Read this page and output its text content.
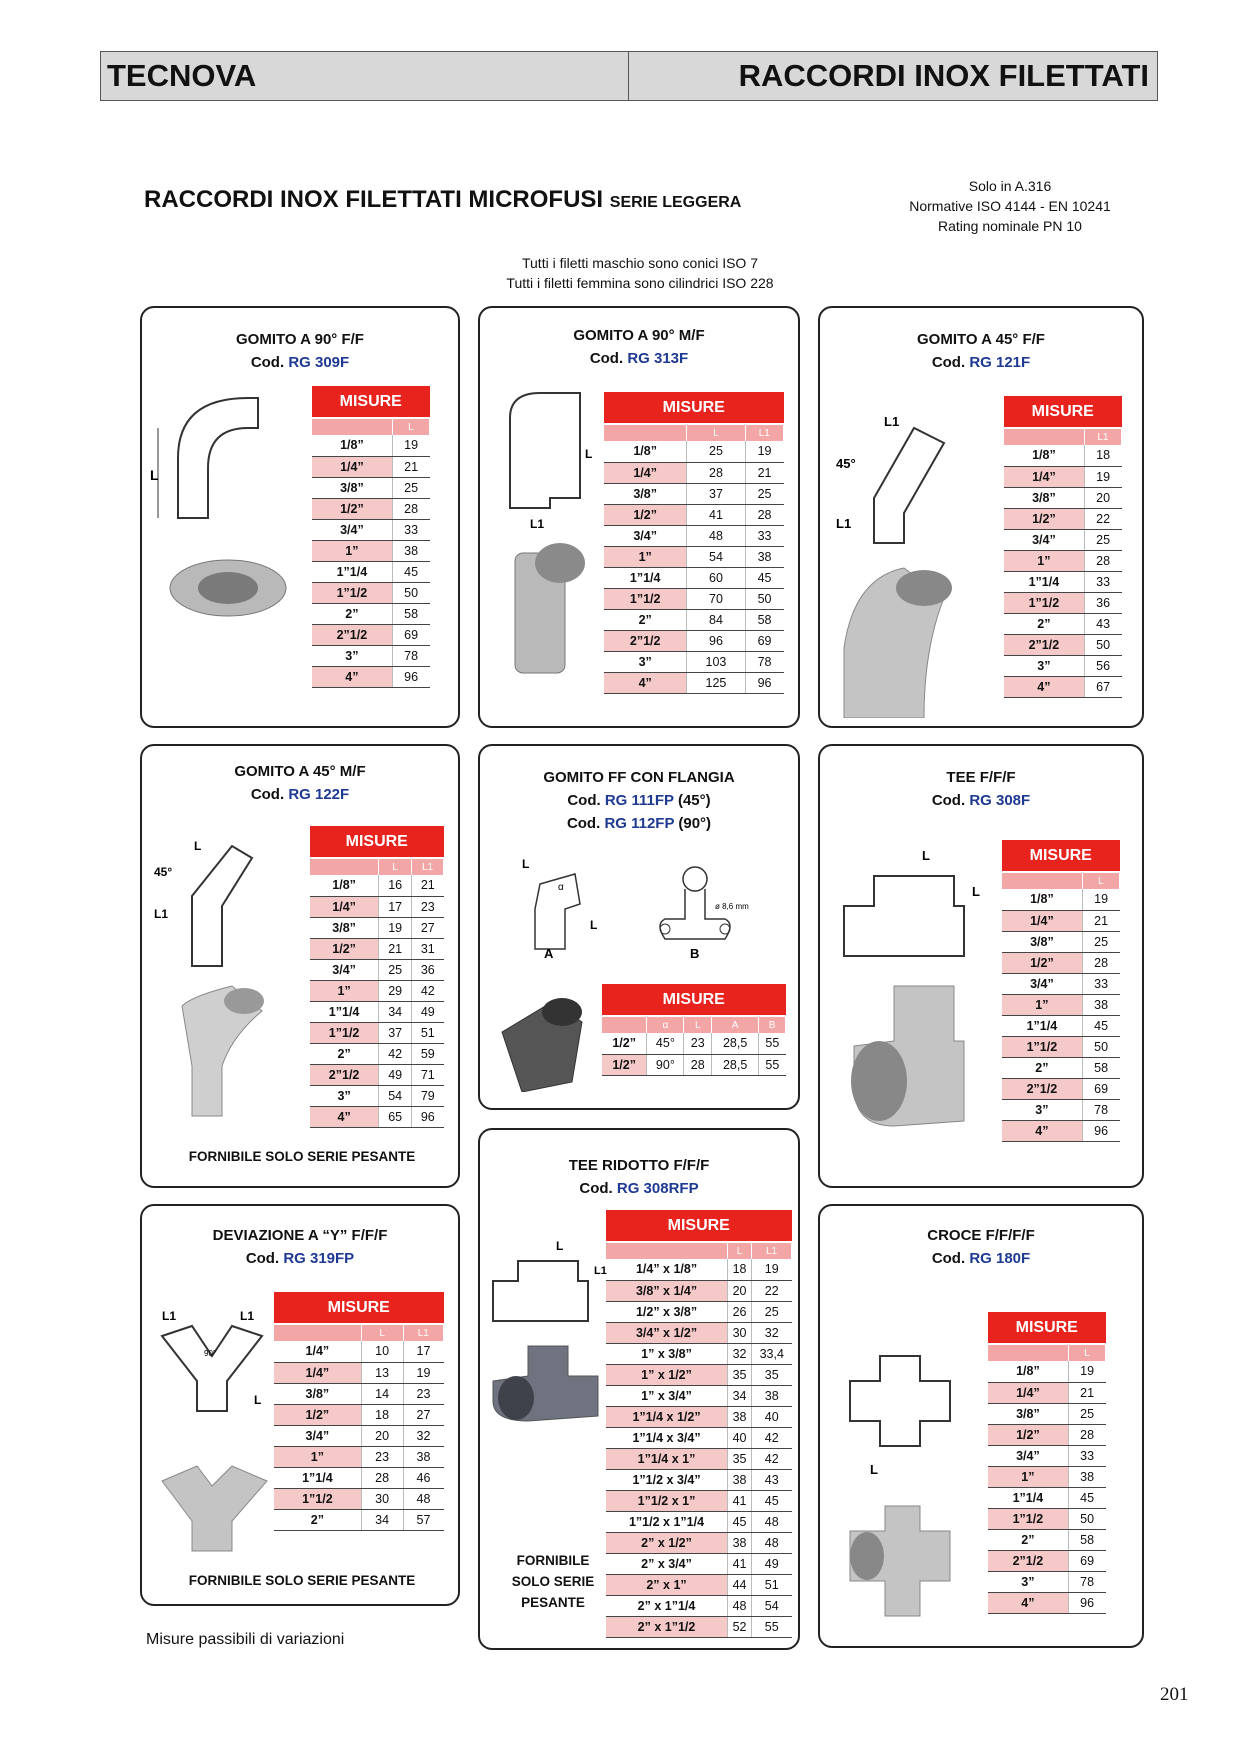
TECNOVA	RACCORDI INOX FILETTATI
RACCORDI INOX FILETTATI MICROFUSI SERIE LEGGERA
Solo in A.316
Normative ISO 4144 - EN 10241
Rating nominale PN 10
Tutti i filetti maschio sono conici ISO 7
Tutti i filetti femmina sono cilindrici ISO 228
GOMITO A 90° F/F
Cod. RG 309F
L
MISURE	
	L
1/8”	19
1/4”	21
3/8”	25
1/2”	28
3/4”	33
1”	38
1”1/4	45
1”1/2	50
2”	58
2”1/2	69
3”	78
4”	96
GOMITO A 90° M/F
Cod. RG 313F
L1
L
MISURE		
	L	L1
1/8”	25	19
1/4”	28	21
3/8”	37	25
1/2”	41	28
3/4”	48	33
1”	54	38
1”1/4	60	45
1”1/2	70	50
2”	84	58
2”1/2	96	69
3”	103	78
4”	125	96
GOMITO A 45° F/F
Cod. RG 121F
L1
45°
L1
MISURE	
	L1
1/8”	18
1/4”	19
3/8”	20
1/2”	22
3/4”	25
1”	28
1”1/4	33
1”1/2	36
2”	43
2”1/2	50
3”	56
4”	67
GOMITO A 45° M/F
Cod. RG 122F
L
45°
L1
FORNIBILE SOLO SERIE PESANTE
MISURE		
	L	L1
1/8”	16	21
1/4”	17	23
3/8”	19	27
1/2”	21	31
3/4”	25	36
1”	29	42
1”1/4	34	49
1”1/2	37	51
2”	42	59
2”1/2	49	71
3”	54	79
4”	65	96
GOMITO FF CON FLANGIA
Cod. RG 111FP (45°)
Cod. RG 112FP (90°)
L
α
L
A
ø 8,6 mm
B
MISURE				
	α	L	A	B
1/2”	45°	23	28,5	55
1/2”	90°	28	28,5	55
TEE F/F/F
Cod. RG 308F
L
L
MISURE	
	L
1/8”	19
1/4”	21
3/8”	25
1/2”	28
3/4”	33
1”	38
1”1/4	45
1”1/2	50
2”	58
2”1/2	69
3”	78
4”	96
DEVIAZIONE A “Y” F/F/F
Cod. RG 319FP
L1	L1
90°
L
FORNIBILE SOLO SERIE PESANTE
MISURE		
	L	L1
1/4”	10	17
1/4”	13	19
3/8”	14	23
1/2”	18	27
3/4”	20	32
1”	23	38
1”1/4	28	46
1”1/2	30	48
2”	34	57
TEE RIDOTTO F/F/F
Cod. RG 308RFP
L
L1
FORNIBILE
SOLO SERIE
PESANTE
MISURE		
	L	L1
1/4” x 1/8”	18	19
3/8” x 1/4”	20	22
1/2” x 3/8”	26	25
3/4” x 1/2”	30	32
1” x 3/8”	32	33,4
1” x 1/2”	35	35
1” x 3/4”	34	38
1”1/4 x 1/2”	38	40
1”1/4 x 3/4”	40	42
1”1/4 x 1”	35	42
1”1/2 x 3/4”	38	43
1”1/2 x 1”	41	45
1”1/2 x 1”1/4	45	48
2” x 1/2”	38	48
2” x 3/4”	41	49
2” x 1”	44	51
2” x 1”1/4	48	54
2” x 1”1/2	52	55
CROCE F/F/F/F
Cod. RG 180F
L
MISURE	
	L
1/8”	19
1/4”	21
3/8”	25
1/2”	28
3/4”	33
1”	38
1”1/4	45
1”1/2	50
2”	58
2”1/2	69
3”	78
4”	96
Misure passibili di variazioni
201
